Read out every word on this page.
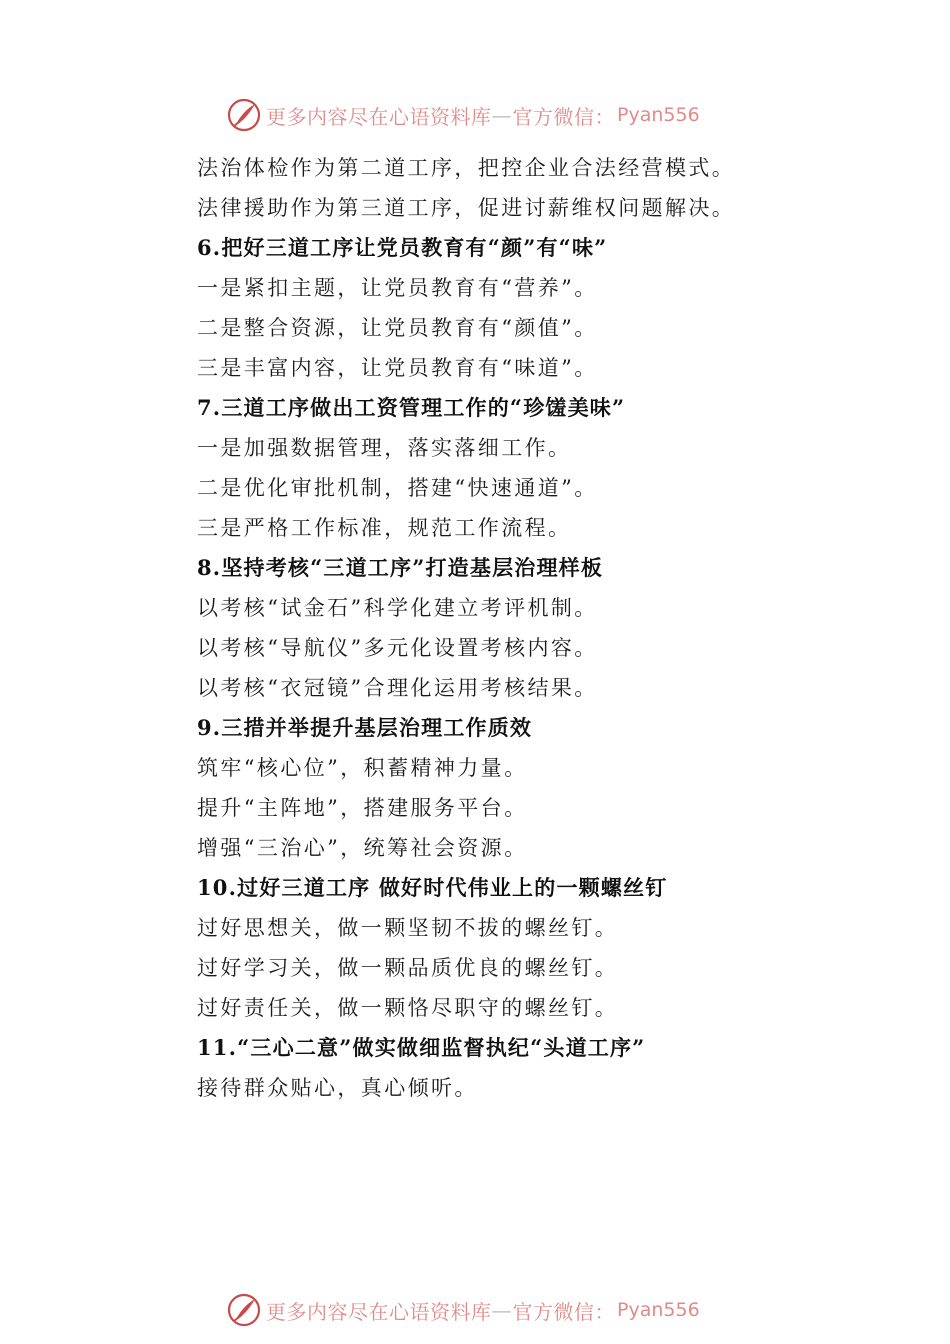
更多内容尽在心语资料库 — 官方微信： Pyan556
法治体检作为第二道工序，把控企业合法经营模式。
法律援助作为第三道工序，促进讨薪维权问题解决。
6.把好三道工序让党员教育有“颜”有“味”
一是紧扣主题，让党员教育有“营养”。
二是整合资源，让党员教育有“颜值”。
三是丰富内容，让党员教育有“味道”。
7.三道工序做出工资管理工作的“珍馐美味”
一是加强数据管理，落实落细工作。
二是优化审批机制，搭建“快速通道”。
三是严格工作标准，规范工作流程。
8.坚持考核“三道工序”打造基层治理样板
以考核“试金石”科学化建立考评机制。
以考核“导航仪”多元化设置考核内容。
以考核“衣冠镜”合理化运用考核结果。
9.三措并举提升基层治理工作质效
筑牢“核心位”，积蓄精神力量。
提升“主阵地”，搭建服务平台。
增强“三治心”，统筹社会资源。
10.过好三道工序 做好时代伟业上的一颗螺丝钉
过好思想关，做一颗坚韧不拔的螺丝钉。
过好学习关，做一颗品质优良的螺丝钉。
过好责任关，做一颗恪尽职守的螺丝钉。
11.“三心二意”做实做细监督执纪“头道工序”
接待群众贴心，真心倾听。
更多内容尽在心语资料库 — 官方微信： Pyan556
